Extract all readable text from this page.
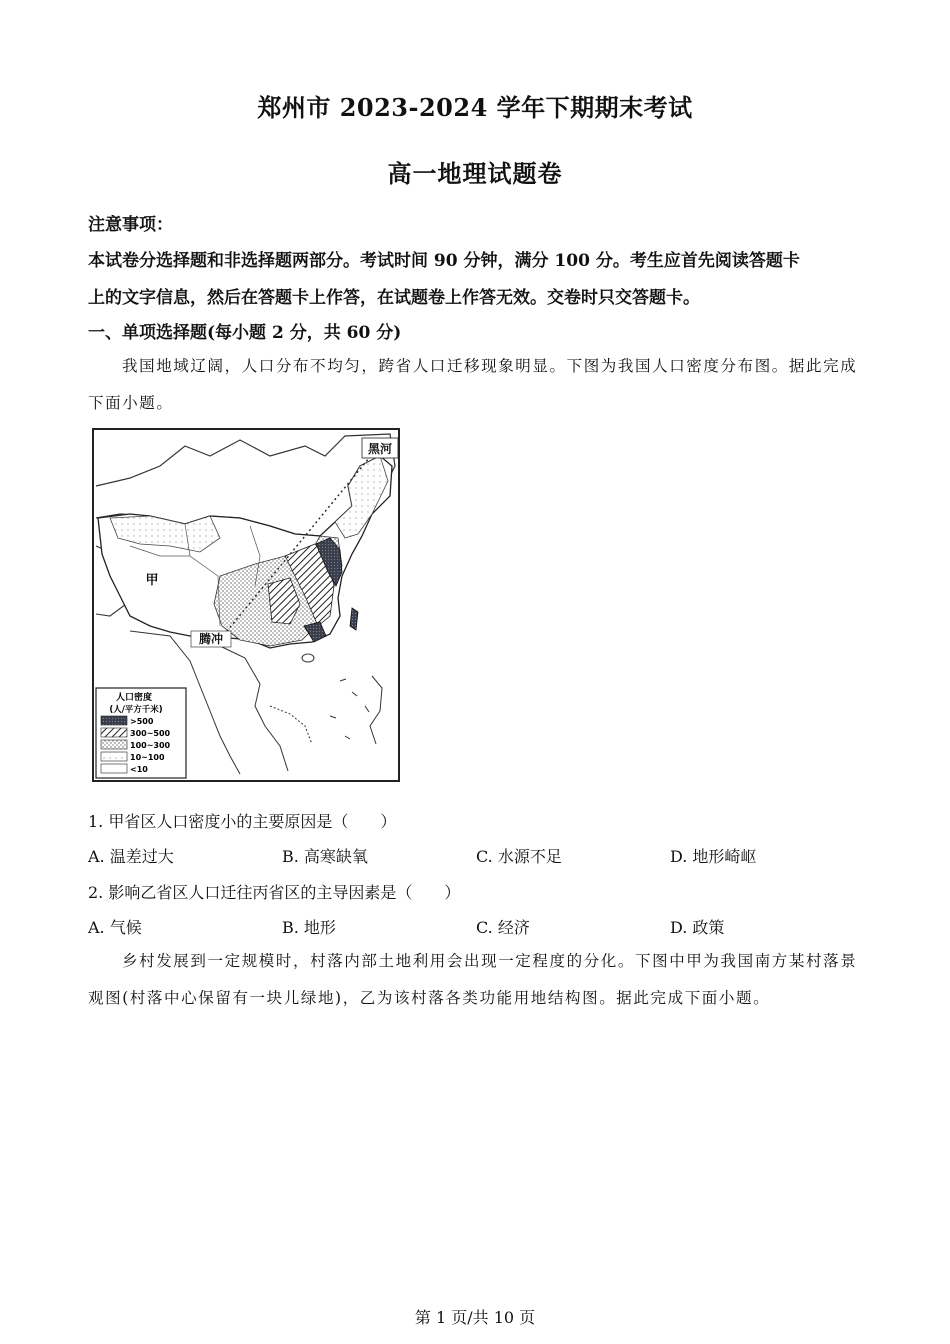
郑州市 2023-2024 学年下期期末考试
高一地理试题卷
注意事项：
本试卷分选择题和非选择题两部分。考试时间 90 分钟，满分 100 分。考生应首先阅读答题卡
上的文字信息，然后在答题卡上作答，在试题卷上作答无效。交卷时只交答题卡。
一、单项选择题(每小题 2 分，共 60 分)
我国地域辽阔，人口分布不均匀，跨省人口迁移现象明显。下图为我国人口密度分布图。据此完成下面小题。
黑河
甲
腾冲
人口密度
(人/平方千米)
>500
300~500
100~300
10~100
<10
1. 甲省区人口密度小的主要原因是（　　）
A. 温差过大	B. 高寒缺氧	C. 水源不足	D. 地形崎岖
2. 影响乙省区人口迁往丙省区的主导因素是（　　）
A. 气候	B. 地形	C. 经济	D. 政策
乡村发展到一定规模时，村落内部土地利用会出现一定程度的分化。下图中甲为我国南方某村落景观图(村落中心保留有一块儿绿地)，乙为该村落各类功能用地结构图。据此完成下面小题。
第 1 页/共 10 页
